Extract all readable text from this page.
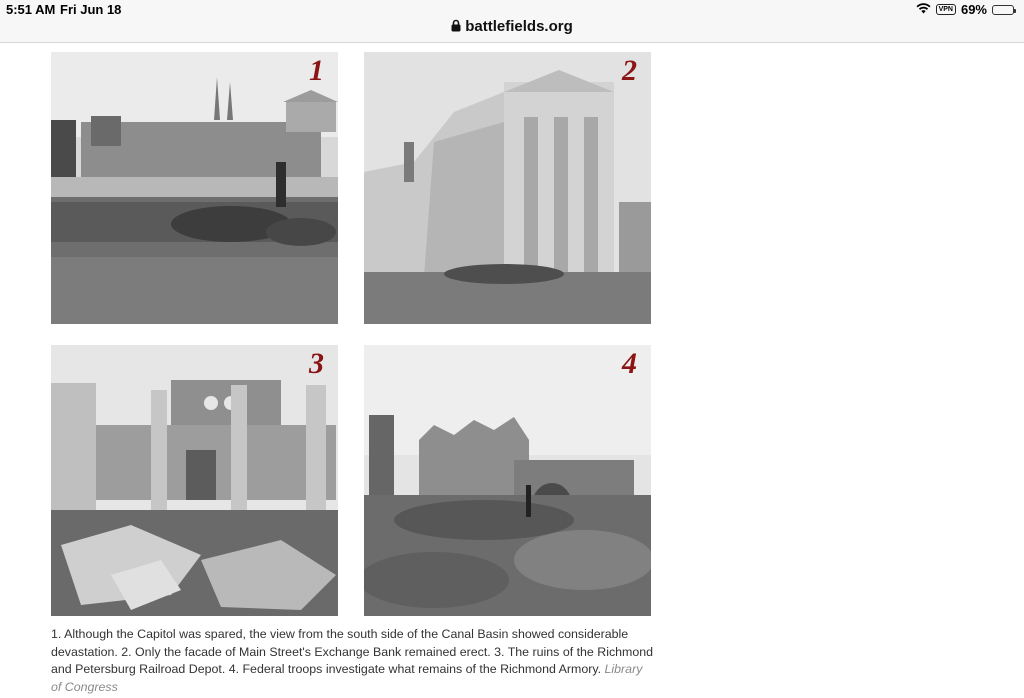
5:51 AM Fri Jun 18	VPN 69%
battlefields.org
1	2
3	4
1. Although the Capitol was spared, the view from the south side of the Canal Basin showed considerable devastation. 2. Only the facade of Main Street's Exchange Bank remained erect. 3. The ruins of the Richmond and Petersburg Railroad Depot. 4. Federal troops investigate what remains of the Richmond Armory. Library of Congress
